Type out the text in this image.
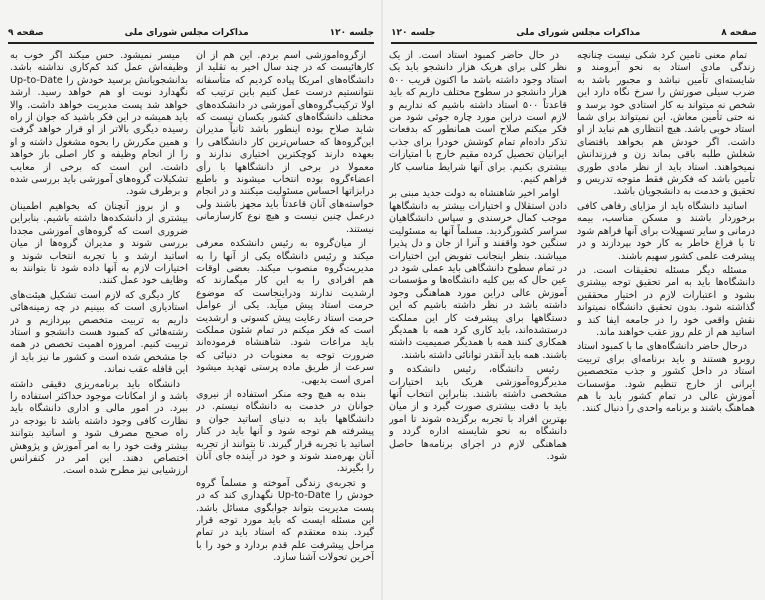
صفحه ۹	مذاکرات مجلس شورای ملی	جلسه ۱۲۰

ازگروه‌آموزشی اسم بردم. این هم از آن کارهائیست که در چند سال اخیر به تقلید از دانشگاه‌های امریکا پیاده کردیم که متأسفانه نتوانستیم درست عمل کنیم باین ترتیب که اولا ترکیب‌گروه‌های آموزشی در دانشکده‌های مختلف دانشگاه‌های کشور یکسان نیست که شاید صلاح بوده اینطور باشد ثانیاً مدیران این‌گروه‌ها که حساس‌ترین کار دانشگاهی را بعهده دارند کوچکترین اختیاری ندارند و معمولا در برخی از دانشگاهها با رأی اعضاءگروه بوده انتخاب میشوند و باطبع درابزاتها احساس مسئولیت میکنند و در انجام خواسته‌های آنان قاعدتاً باید مجهز باشند ولی درعمل چنین نیست و هیچ نوع کارسازمانی نیستند.

از میان‌گروه به رئیس دانشکده معرفی میکند و رئیس دانشگاه یکی از آنها را به مدیریت‌گروه منصوب میکند. بعضی اوقات هم افرادی را به این کار میگمارند که ارشدیت ندارند ودراینجاست که موضوع حرمت استاد پیش میآید. یکی از عوامل حرمت استاد رعایت پیش کسوتی و ارشدیت است که فکر میکنم در تمام شئون مملکت باید مراعات شود. شاهنشاه فرموده‌اند ضرورت توجه به معنویات در دنیائی که سرعت از طریق ماده پرستی تهدید میشود امری است بدیهی.

بنده به هیچ وجه منکر استفاده از نیروی جوانان در خدمت به دانشگاه نیستم. در دانشگاهها باید به دنیای اساتید جوان و پیشرفته هم توجه شود و آنها باید در کنار اساتید با تجربه قرار گیرند. تا بتوانند از تجربه آنان بهره‌مند شوند و خود در آینده جای آنان را بگیرند.

و تجربه‌ی زندگی آموخته و مسلماً گروه خودش را Up-to-Date نگهداری کند که در پست مدیریت بتواند جوابگوی مسائل باشد. این مسئله ایست که باید مورد توجه قرار گیرد. بنده معتقدم که استاد باید در تمام مراحل پیشرفت علم قدم بردارد و خود را با آخرین تحولات آشنا سازد.

میسر نمیشود. حس میکند اگر خوب به وظیفه‌اش عمل کند کم‌کاری نداشته باشد. بدانشجویانش برسید خودش را Up-to-Date نگهدارد نوبت او هم خواهد رسید. ارشد خواهد شد پست مدیریت خواهد داشت. والا باید همیشه در این فکر باشید که جوان از راه رسیده دیگری بالاتر از او قرار خواهد گرفت و همین مکررش را بحوه مشغول داشته و او را از انجام وظیفه و کار اصلی باز خواهد داشت. این است که برخی از معایب تشکیلات گروه‌های آموزشی باید بررسی شده و برطرف شود.

و از بروز آنچنان که بخواهیم اطمینان بیشتری از دانشکده‌ها داشته باشیم. بنابراین ضروری است که گروه‌های آموزشی مجددا بررسی شوند و مدیران گروه‌ها از میان اساتید ارشد و با تجربه انتخاب شوند و اختیارات لازم به آنها داده شود تا بتوانند به وظایف خود عمل کنند.

کار دیگری که لازم است تشکیل هیئت‌های استادیاری است که ببینیم در چه زمینه‌هائی داریم به تربیت متخصص بپردازیم و در رشته‌هائی که کمبود هست دانشجو و استاد تربیت کنیم. امروزه اهمیت تخصص در همه جا مشخص شده است و کشور ما نیز باید از این قافله عقب نماند.

دانشگاه باید برنامه‌ریزی دقیقی داشته باشد و از امکانات موجود حداکثر استفاده را ببرد. در امور مالی و اداری دانشگاه باید نظارت کافی وجود داشته باشد تا بودجه در راه صحیح مصرف شود و اساتید بتوانند بیشتر وقت خود را به امر آموزش و پژوهش اختصاص دهند. این امر در کنفرانس ارزشیابی نیز مطرح شده است.

جلسه ۱۲۰	مذاکرات مجلس شورای ملی	صفحه ۸

تمام معنی تأمین کرد شکی نیست چنانچه زندگی مادی استاد به نحو آبرومند و شایسته‌ای تأمین نباشد و مجبور باشد به ضرب سیلی صورتش را سرخ نگاه دارد این شخص نه میتواند به کار استادی خود برسد و نه حتی تأمین معاش. این نمیتواند برای شما استاد خوبی باشد. هیچ انتظاری هم نباید از او داشت. اگر خودش هم بخواهد باقتضای شغلش طلبه باقی بماند زن و فرزندانش نمیخواهند. استاد باید از نظر مادی طوری تأمین باشد که فکرش فقط متوجه تدریس و تحقیق و خدمت به دانشجویان باشد.

اساتید دانشگاه باید از مزایای رفاهی کافی برخوردار باشند و مسکن مناسب، بیمه درمانی و سایر تسهیلات برای آنها فراهم شود تا با فراغ خاطر به کار خود بپردازند و در پیشرفت علمی کشور سهیم باشند.

مسئله دیگر مسئله تحقیقات است. در دانشگاه‌ها باید به امر تحقیق توجه بیشتری بشود و اعتبارات لازم در اختیار محققین گذاشته شود. بدون تحقیق دانشگاه نمیتواند نقش واقعی خود را در جامعه ایفا کند و اساتید هم از علم روز عقب خواهند ماند.

درحال حاضر دانشگاه‌های ما با کمبود استاد روبرو هستند و باید برنامه‌ای برای تربیت استاد در داخل کشور و جذب متخصصین ایرانی از خارج تنظیم شود. مؤسسات آموزش عالی در تمام کشور باید با هم هماهنگ باشند و برنامه واحدی را دنبال کنند.

در حال حاضر کمبود استاد است. از یک نظر کلی برای هریک هزار دانشجو باید یک استاد وجود داشته باشد ما اکنون قریب ۵۰۰ هزار دانشجو در سطوح مختلف داریم که باید قاعدتاً ۵۰۰ استاد داشته باشیم که نداریم و لازم است دراین مورد چاره جوئی شود من فکر میکنم صلاح است همانطور که بدفعات تذکر داده‌ام تمام کوشش خودرا برای جذب ایرانیان تحصیل کرده مقیم خارج با امتیازات بیشتری بکنیم. برای آنها شرایط مناسب کار فراهم کنیم.

اوامر اخیر شاهنشاه به دولت جدید مبنی بر دادن استقلال و اختیارات بیشتر به دانشگاهها موجب کمال خرسندی و سپاس دانشگاهیان سراسر کشورگردید. مسلماً آنها به مسئولیت سنگین خود واقفند و آنرا از جان و دل پذیرا میباشند. بنظر اینجانب تفویض این اختیارات در تمام سطوح دانشگاهی باید عملی شود در عین حال که بین کلیه دانشگاه‌ها و مؤسسات آموزش عالی دراین مورد هماهنگی وجود داشته باشد در نظر داشته باشیم که این دستگاهها برای پیشرفت کار این مملکت درستشده‌اند، باید کاری کرد همه با همدیگر همکاری کنند همه با همدیگر صمیمیت داشته باشند. همه باید آنقدر توانائی داشته باشند.

رئیس دانشگاه، رئیس دانشکده و مدیرگروه‌آموزشی هریک باید اختیارات مشخصی داشته باشند. بنابراین انتخاب آنها باید با دقت بیشتری صورت گیرد و از میان بهترین افراد با تجربه برگزیده شوند تا امور دانشگاه به نحو شایسته اداره گردد و هماهنگی لازم در اجرای برنامه‌ها حاصل شود.
